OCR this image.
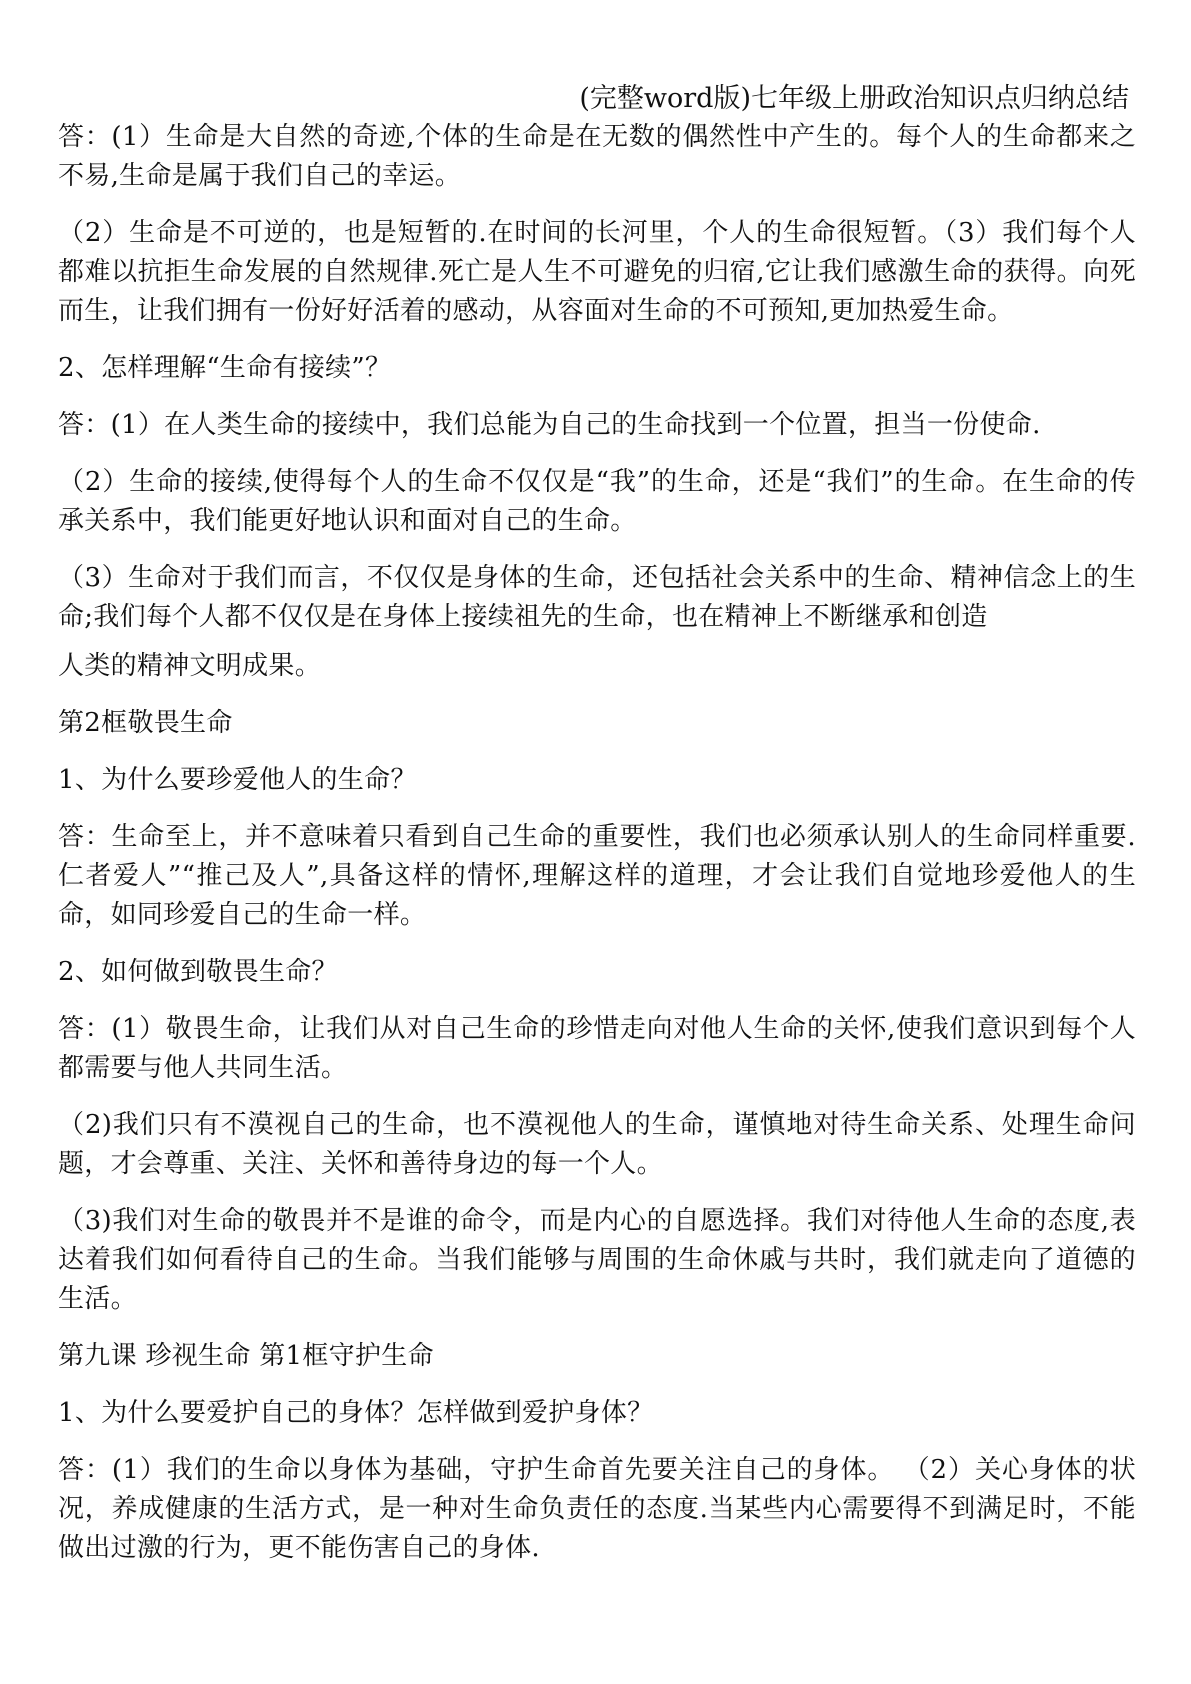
(完整word版)七年级上册政治知识点归纳总结

答：(1）生命是大自然的奇迹,个体的生命是在无数的偶然性中产生的。每个人的生命都来之不易,生命是属于我们自己的幸运。

（2）生命是不可逆的，也是短暂的.在时间的长河里，个人的生命很短暂。（3）我们每个人都难以抗拒生命发展的自然规律.死亡是人生不可避免的归宿,它让我们感激生命的获得。向死而生，让我们拥有一份好好活着的感动，从容面对生命的不可预知,更加热爱生命。

2、怎样理解“生命有接续”？

答：(1）在人类生命的接续中，我们总能为自己的生命找到一个位置，担当一份使命.

（2）生命的接续,使得每个人的生命不仅仅是“我”的生命，还是“我们”的生命。在生命的传承关系中，我们能更好地认识和面对自己的生命。

（3）生命对于我们而言，不仅仅是身体的生命，还包括社会关系中的生命、精神信念上的生命;我们每个人都不仅仅是在身体上接续祖先的生命，也在精神上不断继承和创造

人类的精神文明成果。

第2框敬畏生命

1、为什么要珍爱他人的生命？

答：生命至上，并不意味着只看到自己生命的重要性，我们也必须承认别人的生命同样重要.仁者爱人”“推己及人”,具备这样的情怀,理解这样的道理，才会让我们自觉地珍爱他人的生命，如同珍爱自己的生命一样。

2、如何做到敬畏生命？

答：(1）敬畏生命，让我们从对自己生命的珍惜走向对他人生命的关怀,使我们意识到每个人都需要与他人共同生活。

（2)我们只有不漠视自己的生命，也不漠视他人的生命，谨慎地对待生命关系、处理生命问题，才会尊重、关注、关怀和善待身边的每一个人。

（3)我们对生命的敬畏并不是谁的命令，而是内心的自愿选择。我们对待他人生命的态度,表达着我们如何看待自己的生命。当我们能够与周围的生命休戚与共时，我们就走向了道德的生活。

第九课 珍视生命 第1框守护生命

1、为什么要爱护自己的身体？怎样做到爱护身体？

答：(1）我们的生命以身体为基础，守护生命首先要关注自己的身体。 （2）关心身体的状况，养成健康的生活方式，是一种对生命负责任的态度.当某些内心需要得不到满足时，不能做出过激的行为，更不能伤害自己的身体.
